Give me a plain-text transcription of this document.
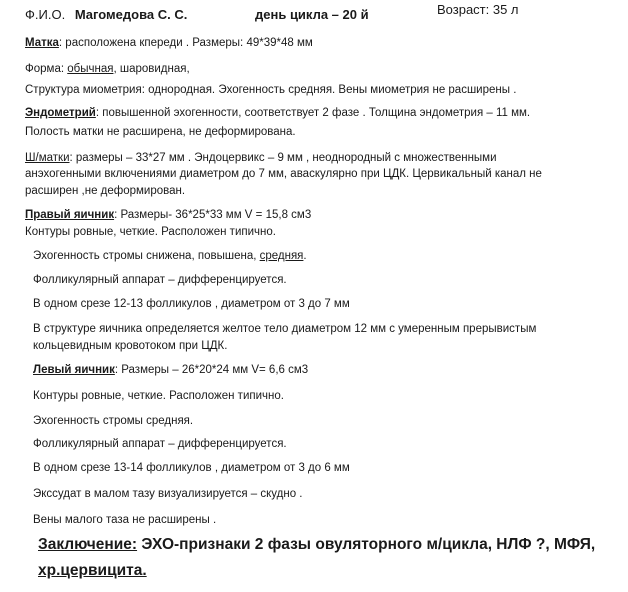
Ф.И.О. Магомедова С. С.	день цикла – 20 й	Возраст: 35 л
Матка: расположена кпереди . Размеры: 49*39*48 мм
Форма: обычная, шаровидная,
Структура миометрия: однородная. Эхогенность средняя. Вены миометрия не расширены .
Эндометрий: повышенной эхогенности, соответствует 2 фазе . Толщина эндометрия – 11 мм.
Полость матки не расширена, не деформирована.
Ш/матки: размеры – 33*27 мм . Эндоцервикс – 9 мм , неоднородный с множественными
анэхогенными включениями диаметром до 7 мм, аваскулярно при ЦДК. Цервикальный канал не
расширен ,не деформирован.
Правый яичник: Размеры- 36*25*33 мм V = 15,8 см3
Контуры ровные, четкие. Расположен типично.
Эхогенность стромы снижена, повышена, средняя.
Фолликулярный аппарат – дифференцируется.
В одном срезе 12-13 фолликулов , диаметром от 3 до 7 мм
В структуре яичника определяется желтое тело диаметром 12 мм с умеренным прерывистым
кольцевидным кровотоком при ЦДК.
Левый яичник: Размеры – 26*20*24 мм V= 6,6 см3
Контуры ровные, четкие. Расположен типично.
Эхогенность стромы средняя.
Фолликулярный аппарат – дифференцируется.
В одном срезе 13-14 фолликулов , диаметром от 3 до 6 мм
Экссудат в малом тазу визуализируется – скудно .
Вены малого таза не расширены .
Заключение: ЭХО-признаки 2 фазы овуляторного м/цикла, НЛФ ?, МФЯ,
хр.цервицита.
